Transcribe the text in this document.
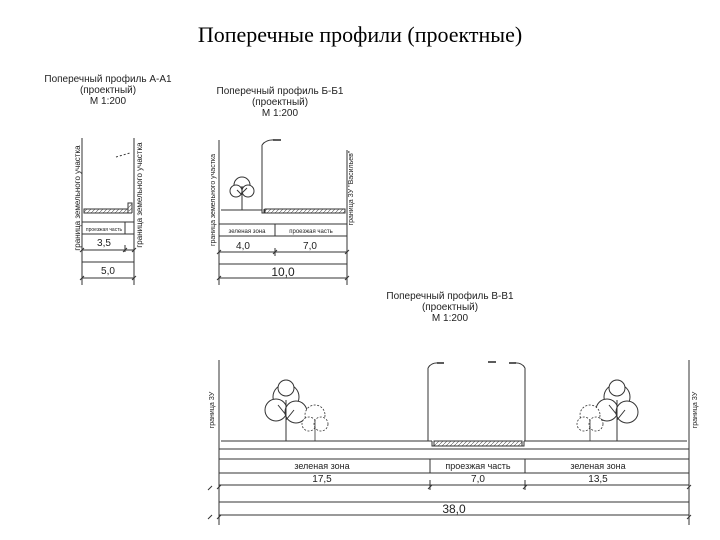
Поперечные профили (проектные)
Поперечный профиль А-А1
(проектный)
М 1:200
Поперечный профиль Б-Б1
(проектный)
М 1:200
Поперечный профиль В-В1
(проектный)
М 1:200
граница земельного участка	граница земельного участка
проезжая часть
3,5
5,0
граница земельного участка	граница ЗУ "Васильев"
зеленая зона	проезжая часть
4,0	7,0
10,0
граница ЗУ	граница ЗУ
зеленая зона	проезжая часть	зеленая зона
17,5	7,0	13,5
38,0
